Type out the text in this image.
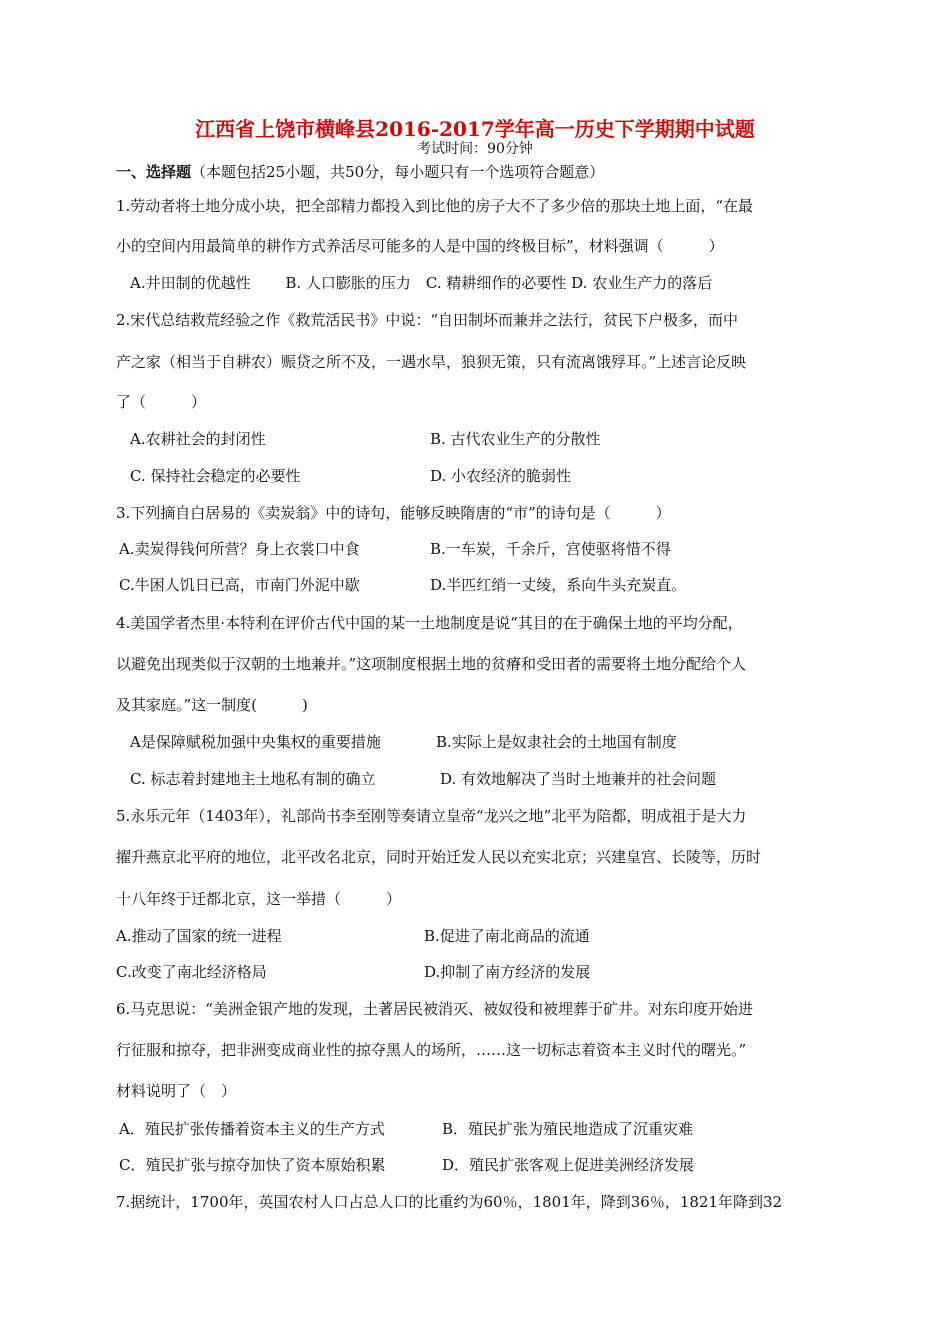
江西省上饶市横峰县2016-2017学年高一历史下学期期中试题
考试时间：90分钟
一、选择题（本题包括25小题，共50分，每小题只有一个选项符合题意）
1.劳动者将土地分成小块，把全部精力都投入到比他的房子大不了多少倍的那块土地上面，“在最
小的空间内用最简单的耕作方式养活尽可能多的人是中国的终极目标”，材料强调（　　　）
A.井田制的优越性　　 B. 人口膨胀的压力　C. 精耕细作的必要性 D. 农业生产力的落后
2.宋代总结救荒经验之作《救荒活民书》中说：“自田制坏而兼并之法行，贫民下户极多，而中
产之家（相当于自耕农）赈贷之所不及，一遇水旱，狼狈无策，只有流离饿殍耳。”上述言论反映
了（　　　）
A.农耕社会的封闭性	B. 古代农业生产的分散性
C. 保持社会稳定的必要性	D. 小农经济的脆弱性
3.下列摘自白居易的《卖炭翁》中的诗句，能够反映隋唐的“市”的诗句是（　　　）
A.卖炭得钱何所营？身上衣裳口中食	B.一车炭，千余斤，宫使驱将惜不得
C.牛困人饥日已高，市南门外泥中歇	D.半匹红绡一丈绫，系向牛头充炭直。
4.美国学者杰里·本特利在评价古代中国的某一土地制度是说“其目的在于确保土地的平均分配，
以避免出现类似于汉朝的土地兼并。”这项制度根据土地的贫瘠和受田者的需要将土地分配给个人
及其家庭。”这一制度(　　　)
A是保障赋税加强中央集权的重要措施	B.实际上是奴隶社会的土地国有制度
C. 标志着封建地主土地私有制的确立	D. 有效地解决了当时土地兼并的社会问题
5.永乐元年（1403年），礼部尚书李至刚等奏请立皇帝“龙兴之地”北平为陪都，明成祖于是大力
擢升燕京北平府的地位，北平改名北京，同时开始迁发人民以充实北京；兴建皇宫、长陵等，历时
十八年终于迁都北京，这一举措（　　　）
A.推动了国家的统一进程	B.促进了南北商品的流通
C.改变了南北经济格局	D.抑制了南方经济的发展
6.马克思说：“美洲金银产地的发现，土著居民被消灭、被奴役和被埋葬于矿井。对东印度开始进
行征服和掠夺，把非洲变成商业性的掠夺黑人的场所，……这一切标志着资本主义时代的曙光。”
材料说明了（　）
A．殖民扩张传播着资本主义的生产方式	B．殖民扩张为殖民地造成了沉重灾难
C．殖民扩张与掠夺加快了资本原始积累	D．殖民扩张客观上促进美洲经济发展
7.据统计，1700年，英国农村人口占总人口的比重约为60％，1801年，降到36％，1821年降到32
